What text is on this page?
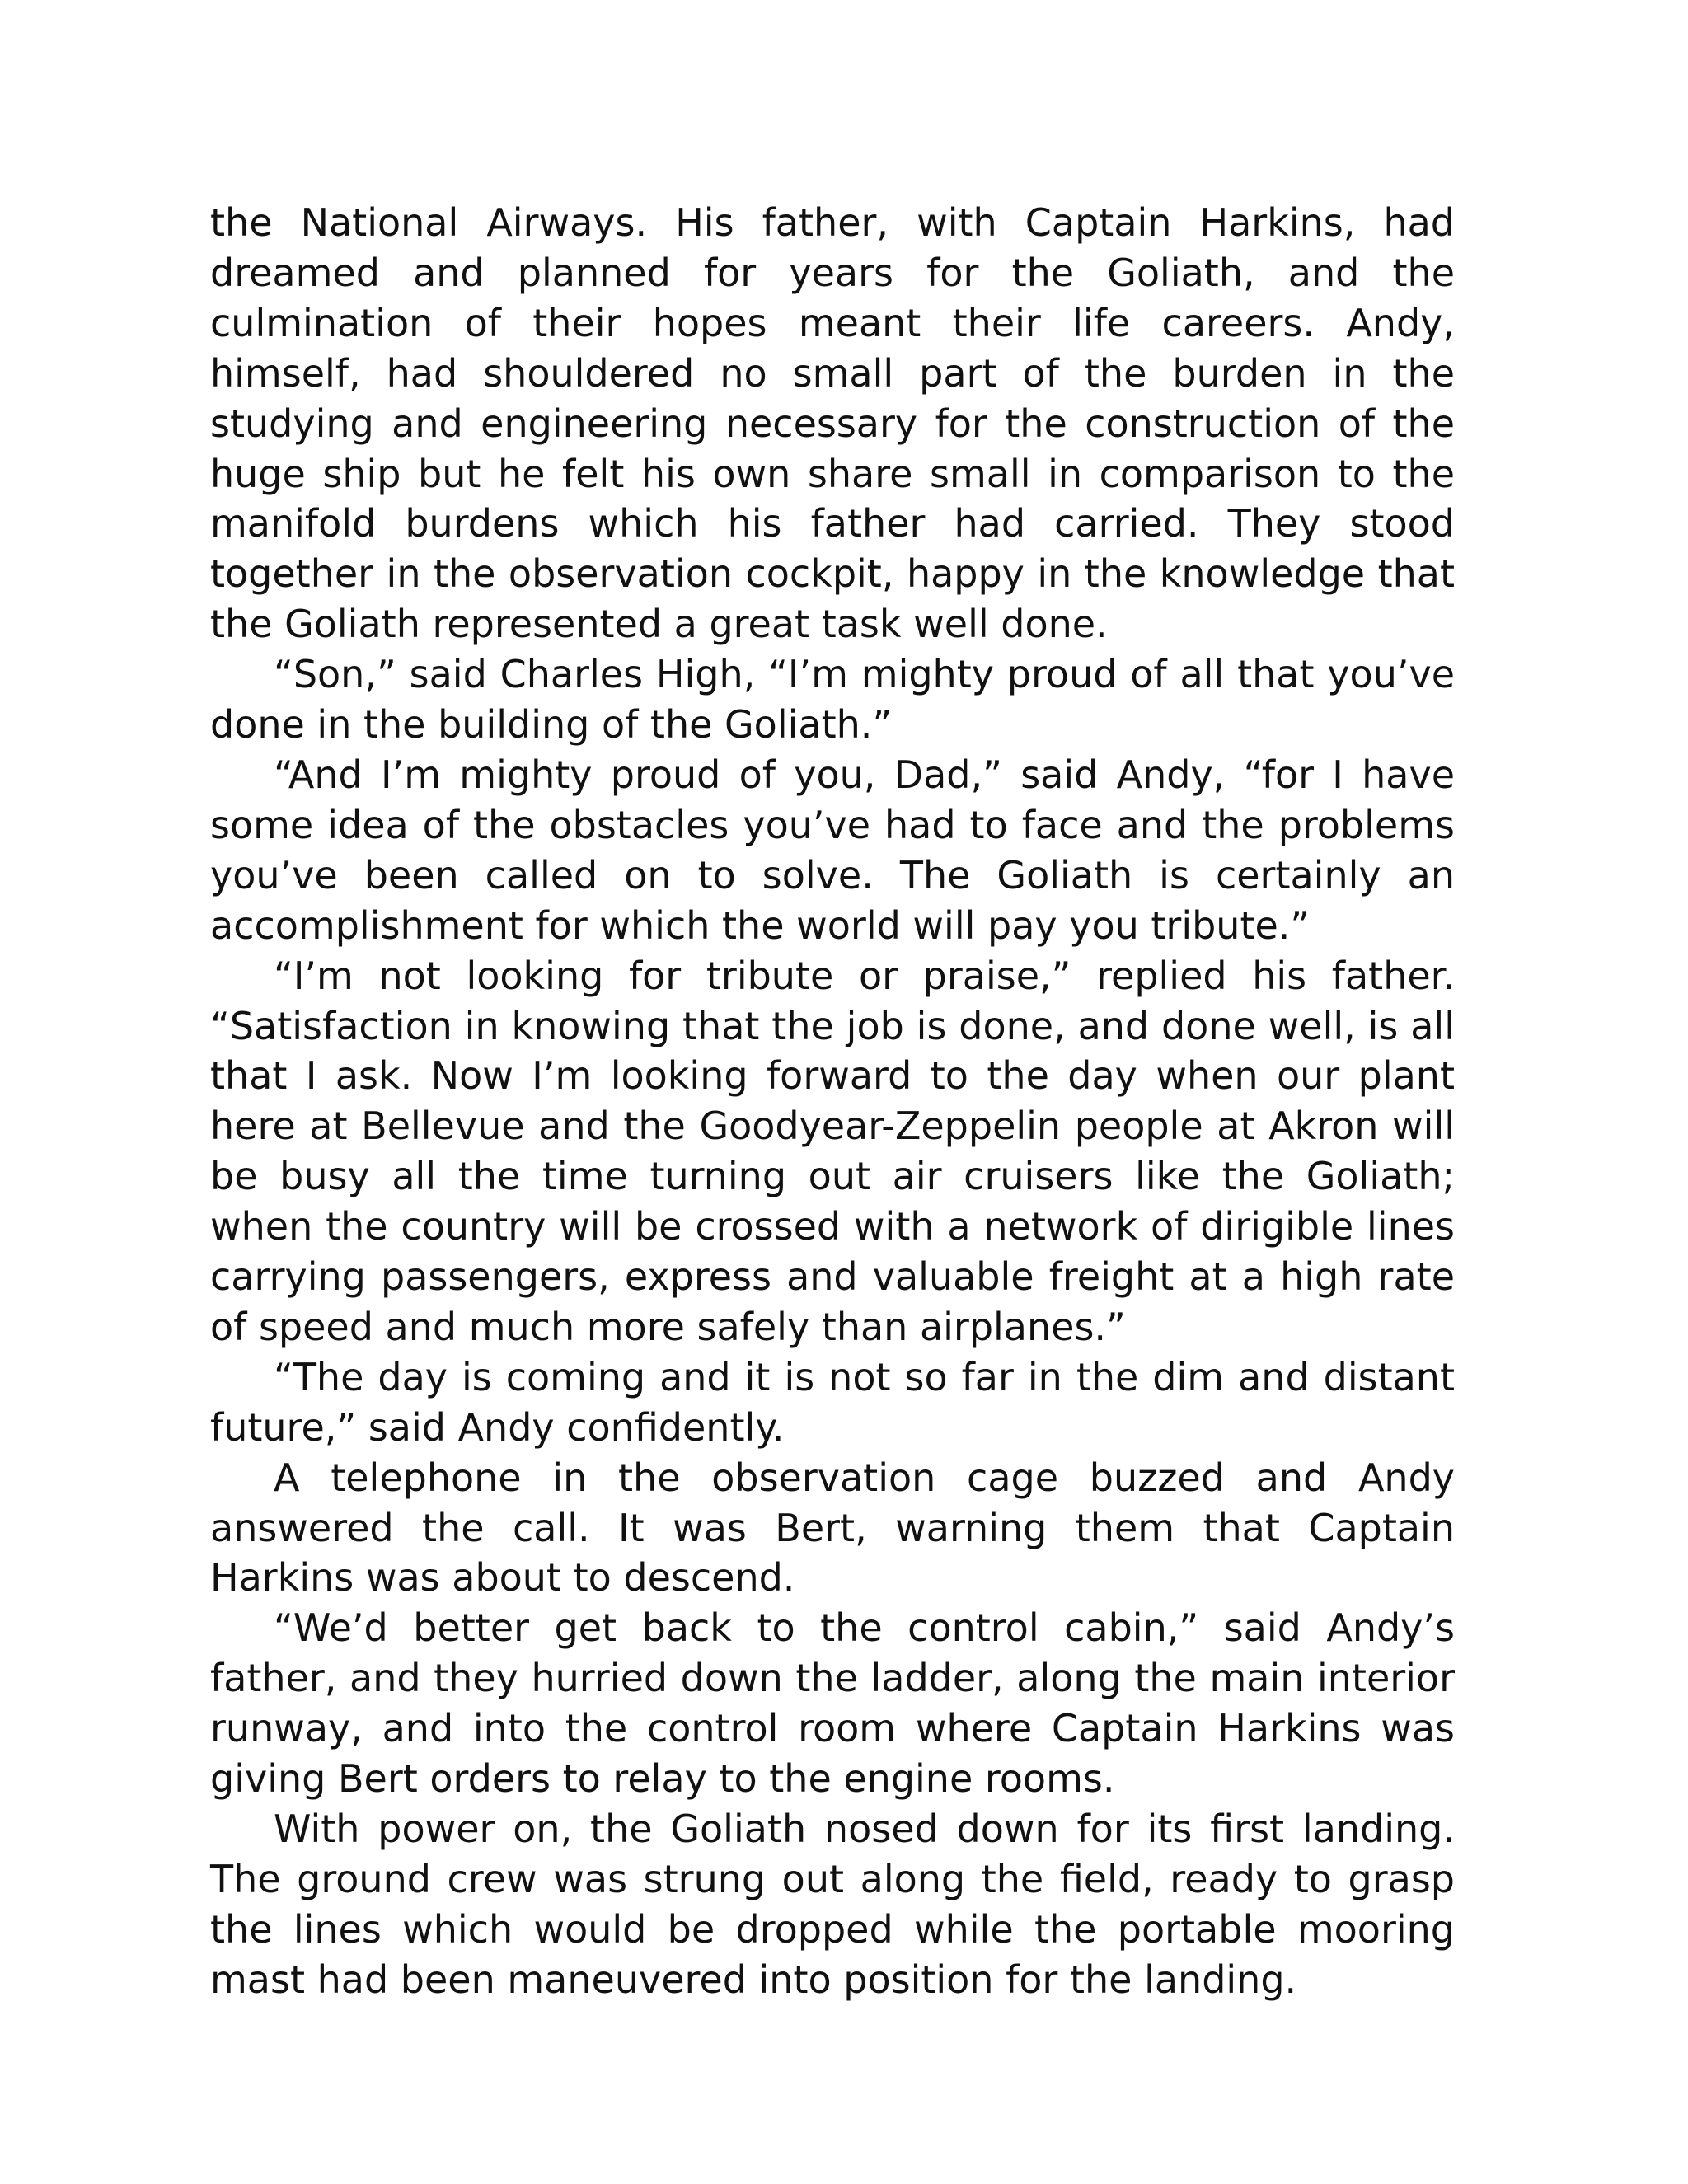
the National Airways. His father, with Captain Harkins, had dreamed and planned for years for the Goliath, and the culmination of their hopes meant their life careers. Andy, himself, had shouldered no small part of the burden in the studying and engineering necessary for the construction of the huge ship but he felt his own share small in comparison to the manifold burdens which his father had carried. They stood together in the observation cockpit, happy in the knowledge that the Goliath represented a great task well done.

“Son,” said Charles High, “I’m mighty proud of all that you’ve done in the building of the Goliath.”

“And I’m mighty proud of you, Dad,” said Andy, “for I have some idea of the obstacles you’ve had to face and the problems you’ve been called on to solve. The Goliath is certainly an accomplishment for which the world will pay you tribute.”

“I’m not looking for tribute or praise,” replied his father. “Satisfaction in knowing that the job is done, and done well, is all that I ask. Now I’m looking forward to the day when our plant here at Bellevue and the Goodyear-Zeppelin people at Akron will be busy all the time turning out air cruisers like the Goliath; when the country will be crossed with a network of dirigible lines carrying passengers, express and valuable freight at a high rate of speed and much more safely than airplanes.”

“The day is coming and it is not so far in the dim and distant future,” said Andy confidently.

A telephone in the observation cage buzzed and Andy answered the call. It was Bert, warning them that Captain Harkins was about to descend.

“We’d better get back to the control cabin,” said Andy’s father, and they hurried down the ladder, along the main interior runway, and into the control room where Captain Harkins was giving Bert orders to relay to the engine rooms.

With power on, the Goliath nosed down for its first landing. The ground crew was strung out along the field, ready to grasp the lines which would be dropped while the portable mooring mast had been maneuvered into position for the landing.
